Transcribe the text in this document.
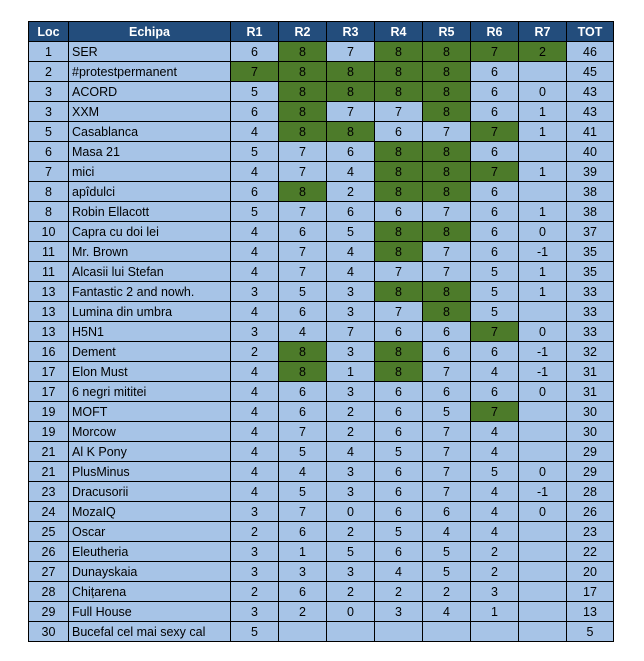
Loc	Echipa	R1	R2	R3	R4	R5	R6	R7	TOT
1	SER	6	8	7	8	8	7	2	46
2	#protestpermanent	7	8	8	8	8	6		45
3	ACORD	5	8	8	8	8	6	0	43
3	XXM	6	8	7	7	8	6	1	43
5	Casablanca	4	8	8	6	7	7	1	41
6	Masa 21	5	7	6	8	8	6		40
7	mici	4	7	4	8	8	7	1	39
8	apîdulci	6	8	2	8	8	6		38
8	Robin Ellacott	5	7	6	6	7	6	1	38
10	Capra cu doi lei	4	6	5	8	8	6	0	37
11	Mr. Brown	4	7	4	8	7	6	-1	35
11	Alcasii lui Stefan	4	7	4	7	7	5	1	35
13	Fantastic 2 and nowh.	3	5	3	8	8	5	1	33
13	Lumina din umbra	4	6	3	7	8	5		33
13	H5N1	3	4	7	6	6	7	0	33
16	Dement	2	8	3	8	6	6	-1	32
17	Elon Must	4	8	1	8	7	4	-1	31
17	6 negri mititei	4	6	3	6	6	6	0	31
19	MOFT	4	6	2	6	5	7		30
19	Morcow	4	7	2	6	7	4		30
21	Al K Pony	4	5	4	5	7	4		29
21	PlusMinus	4	4	3	6	7	5	0	29
23	Dracusorii	4	5	3	6	7	4	-1	28
24	MozaIQ	3	7	0	6	6	4	0	26
25	Oscar	2	6	2	5	4	4		23
26	Eleutheria	3	1	5	6	5	2		22
27	Dunayskaia	3	3	3	4	5	2		20
28	Chițarena	2	6	2	2	2	3		17
29	Full House	3	2	0	3	4	1		13
30	Bucefal cel mai sexy cal	5							5
